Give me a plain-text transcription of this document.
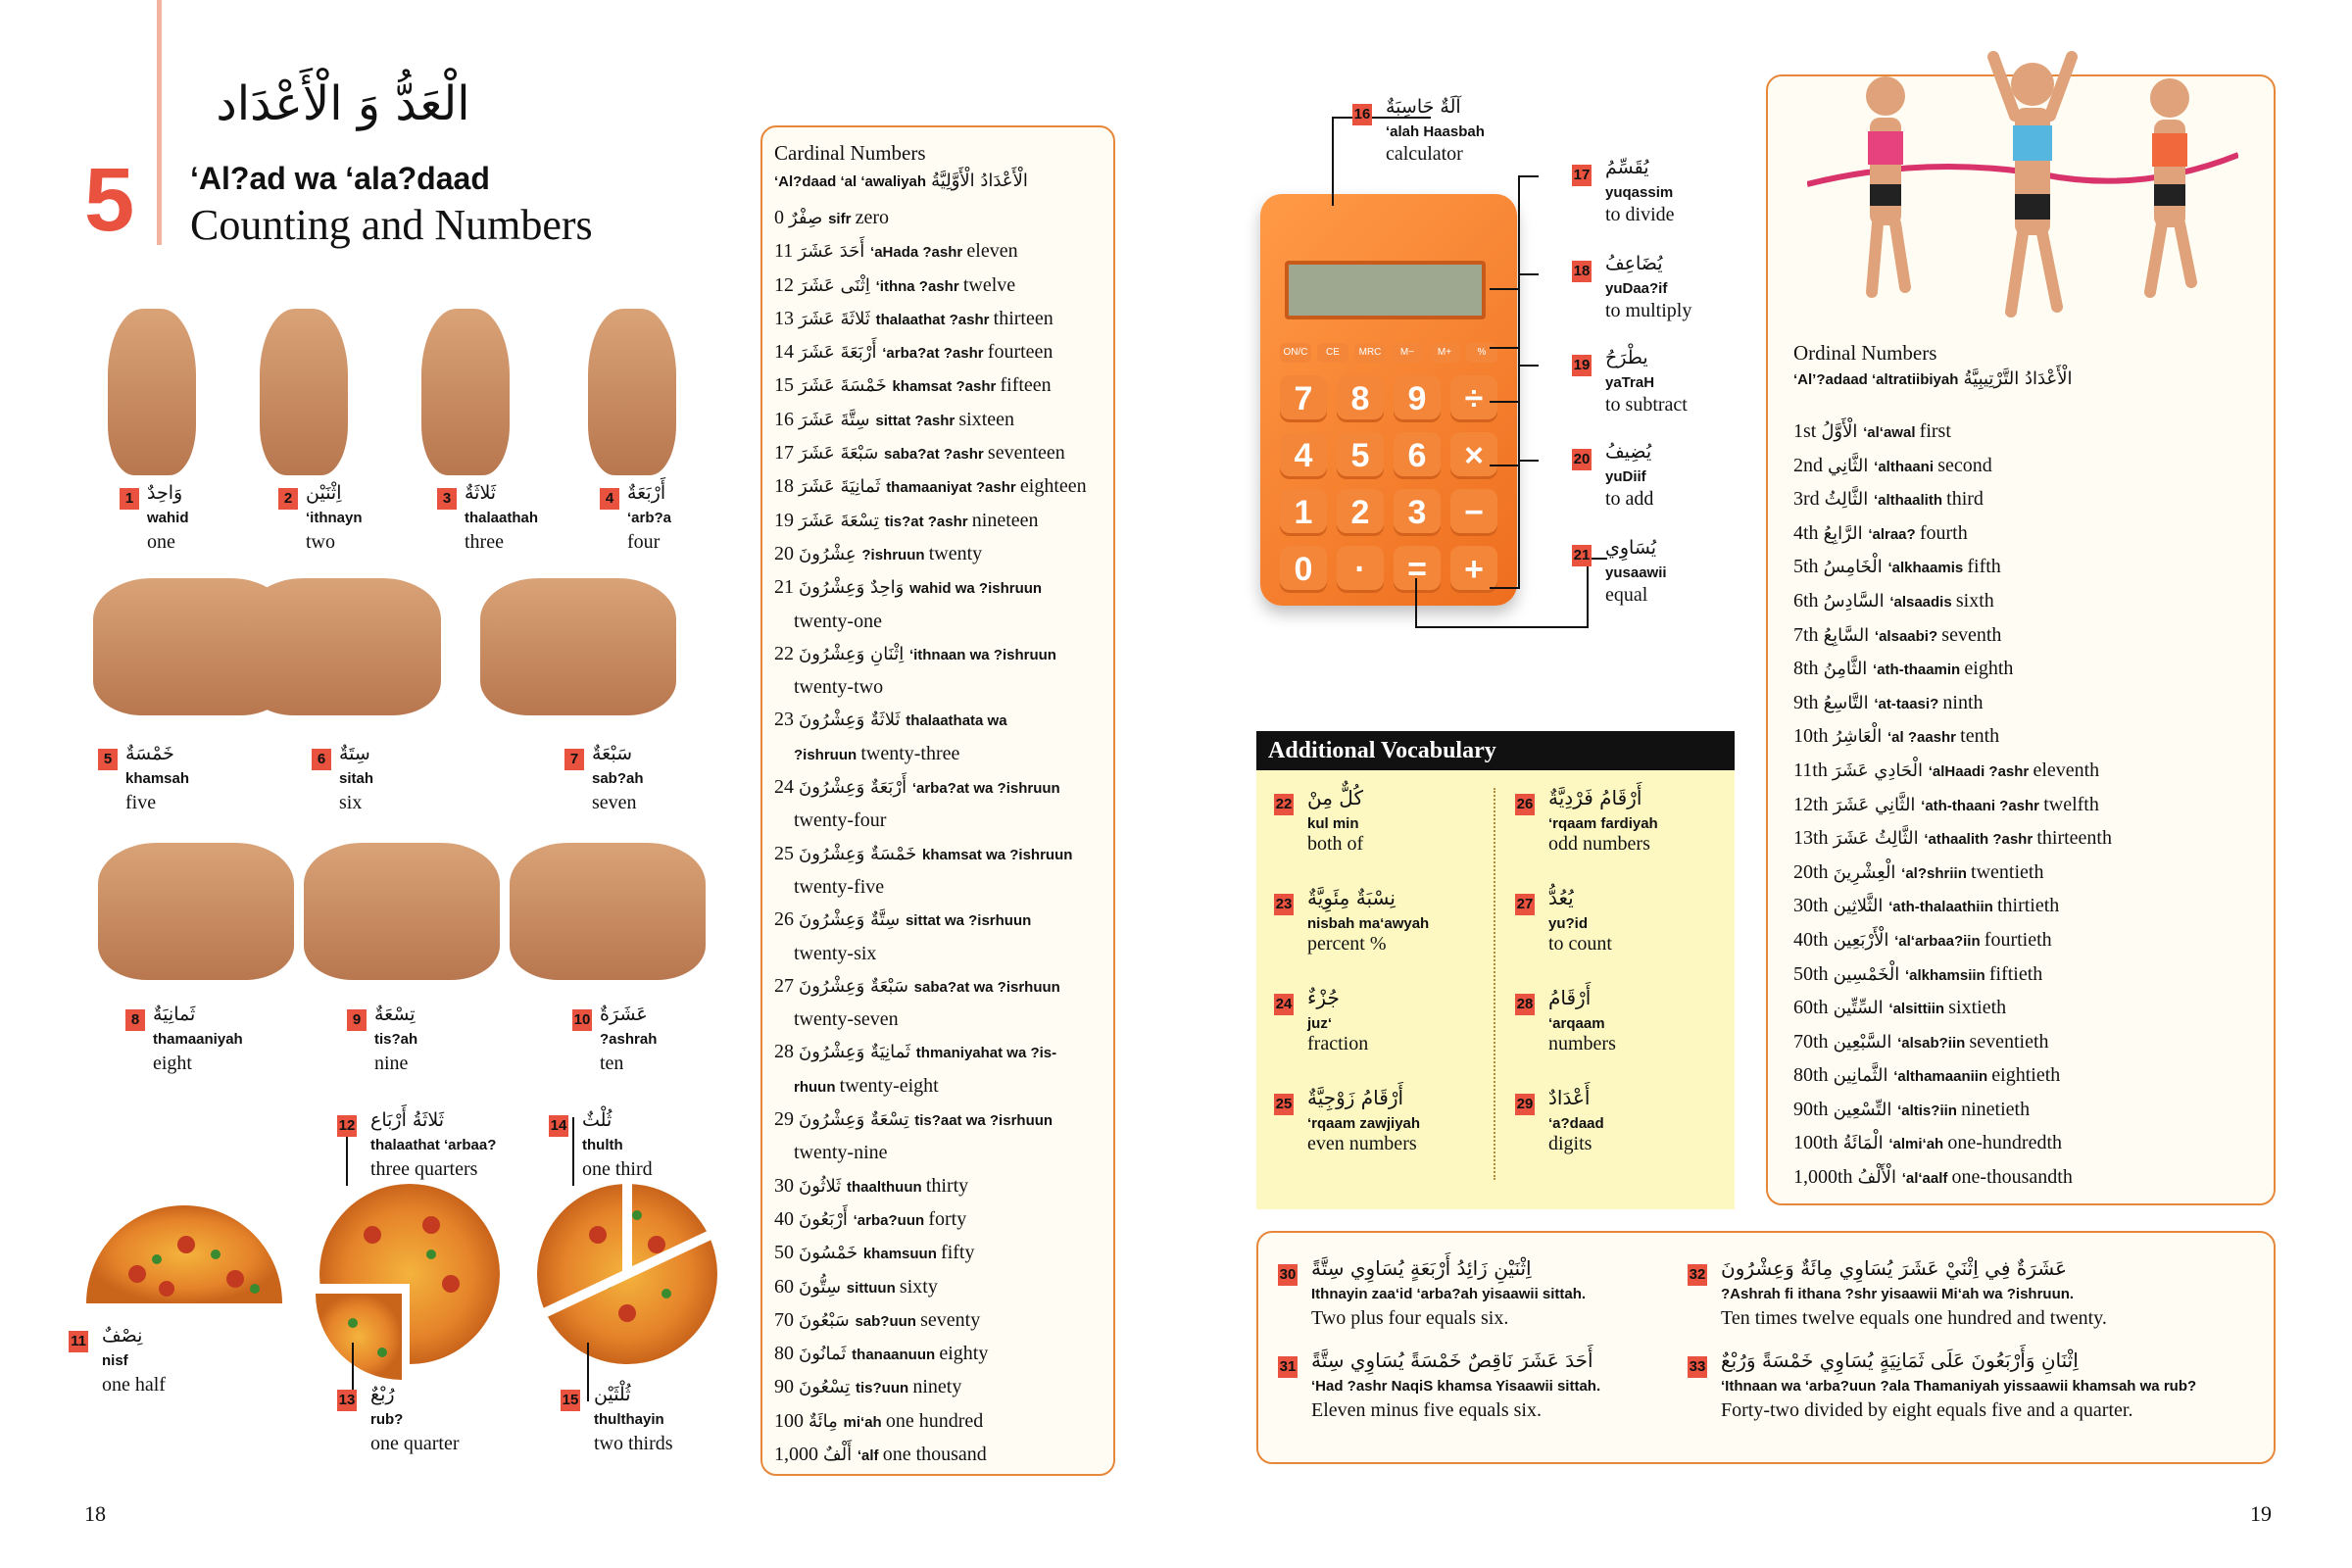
5
الْعَدُّ وَ الْأَعْدَاد
‘Al?ad wa ‘ala?daad
Counting and Numbers
1 وَاحِدٌ
wahid
one
2 اِثْنَيْن
‘ithnayn
two
3 ثَلاثَةٌ
thalaathah
three
4 أَرْبَعَةٌ
‘arb?a
four
5 خَمْسَةٌ
khamsah
five
6 سِتَةٌ
sitah
six
7 سَبْعَةٌ
sab?ah
seven
8 ثَمانِيَةٌ
thamaaniyah
eight
9 تِسْعَةٌ
tis?ah
nine
10 عَشَرَةٌ
?ashrah
ten
11 نِصْفٌ
nisf
one half
12 ثَلاثَةُ أَرْبَاع
thalaathat ‘arbaa?
three quarters
13 رُبْعٌ
rub?
one quarter
14 ثُلْثٌ
thulth
one third
15 ثُلْثَيْن
thulthayin
two thirds
18
Cardinal Numbers
‘Al?daad ‘al ‘awaliyah الْأَعْدَادُ الْأَوَّلِيَّةُ
0 صِفْرٌ sifr zero
11 أَحَدَ عَشَرَ ‘aHada ?ashr eleven
12 اِثْنَى عَشَرَ ‘ithna ?ashr twelve
13 ثَلاثَةَ عَشَرَ thalaathat ?ashr thirteen
14 أَرْبَعَةَ عَشَرَ ‘arba?at ?ashr fourteen
15 خَمْسَةَ عَشَرَ khamsat ?ashr fifteen
16 سِتَّةَ عَشَرَ sittat ?ashr sixteen
17 سَبْعَةَ عَشَرَ saba?at ?ashr seventeen
18 ثَمانِيَةَ عَشَرَ thamaaniyat ?ashr eighteen
19 تِسْعَةَ عَشَرَ tis?at ?ashr nineteen
20 عِشْرُونَ ?ishruun twenty
21 وَاحِدٌ وَعِشْرُونَ wahid wa ?ishruun
twenty-one
22 اِثْنَانِ وَعِشْرُونَ ‘ithnaan wa ?ishruun
twenty-two
23 ثَلاثَةٌ وَعِشْرُونَ thalaathata wa
?ishruun twenty-three
24 أَرْبَعَةٌ وَعِشْرُونَ ‘arba?at wa ?ishruun
twenty-four
25 خَمْسَةٌ وَعِشْرُونَ khamsat wa ?ishruun
twenty-five
26 سِتَّةٌ وَعِشْرُونَ sittat wa ?isrhuun
twenty-six
27 سَبْعَةٌ وَعِشْرُونَ saba?at wa ?isrhuun
twenty-seven
28 ثَمانِيَةٌ وَعِشْرُونَ thmaniyahat wa ?is-
rhuun twenty-eight
29 تِسْعَةٌ وَعِشْرُونَ tis?aat wa ?isrhuun
twenty-nine
30 ثَلاثُونَ thaalthuun thirty
40 أَرْبَعُونَ ‘arba?uun forty
50 خَمْسُونَ khamsuun fifty
60 سِتُّونَ sittuun sixty
70 سَبْعُونَ sab?uun seventy
80 ثَمانُونَ thanaanuun eighty
90 تِسْعُونَ tis?uun ninety
100 مِائَةٌ mi‘ah one hundred
1,000 أَلْفٌ ‘alf one thousand
ON/C	CE	MRC	M−	M+	%
7	8	9	÷
4	5	6	×
1	2	3	−
0	·	=	+
16 آلَةٌ حَاسِبَةٌ
‘alah Haasbah
calculator
17 يُقَسِّمُ
yuqassim
to divide
18 يُضَاعِفُ
yuDaa?if
to multiply
19 يطْرَحُ
yaTraH
to subtract
20 يُضِيفُ
yuDiif
to add
21 يُسَاوِي
yusaawii
equal
Additional Vocabulary
22 كُلٌّ مِنْ
kul min
both of
23 نِسْبَةٌ مِئَوِيَّةٌ
nisbah ma‘awyah
percent %
24 جُزْءٌ
juz‘
fraction
25 أَرْقَامُ زَوْجِيَّةٌ
‘rqaam zawjiyah
even numbers
26 أَرْقَامُ فَرْدِيَّةٌ
‘rqaam fardiyah
odd numbers
27 يُعُدُّ
yu?id
to count
28 أَرْقَامُ
‘arqaam
numbers
29 أَعْدَادٌ
‘a?daad
digits
Ordinal Numbers
‘Al’?adaad ‘altratiibiyah الْأَعْدَادُ التَّرْتِيبِيَّةُ
1st الْأَوَّلُ ‘al‘awal first
2nd الثَّانِي ‘althaani second
3rd الثَّالِثُ ‘althaalith third
4th الرَّابِعُ ‘alraa? fourth
5th الْخَامِسُ ‘alkhaamis fifth
6th السَّادِسُ ‘alsaadis sixth
7th السَّابِعُ ‘alsaabi? seventh
8th الثَّامِنُ ‘ath-thaamin eighth
9th التَّاسِعُ ‘at-taasi? ninth
10th الْعَاشِرُ ‘al ?aashr tenth
11th الْحَادِي عَشَرَ ‘alHaadi ?ashr eleventh
12th الثَّانِي عَشَرَ ‘ath-thaani ?ashr twelfth
13th الثَّالِثُ عَشَرَ ‘athaalith ?ashr thirteenth
20th الْعِشْرِينَ ‘al?shriin twentieth
30th الثَّلاثِين ‘ath-thalaathiin thirtieth
40th الْأَرْبَعِين ‘al‘arbaa?iin fourtieth
50th الْخَمْسِين ‘alkhamsiin fiftieth
60th السِّتِّين ‘alsittiin sixtieth
70th السَّبْعِين ‘alsab?iin seventieth
80th الثَّمانِين ‘althamaaniin eightieth
90th التِّسْعِين ‘altis?iin ninetieth
100th الْمَائَةُ ‘almi‘ah one-hundredth
1,000th الْأَلْفُ ‘al‘aalf one-thousandth
30 اِثْنَيْنِ زَائِدُ أَرْبَعَةٍ يُسَاوِي سِتَّةً
Ithnayin zaa‘id ‘arba?ah yisaawii sittah.
Two plus four equals six.
31 أَحَدَ عَشَرَ نَاقِصٌ خَمْسَةً يُسَاوِي سِتَّةً
‘Had ?ashr NaqiS khamsa Yisaawii sittah.
Eleven minus five equals six.
32 عَشَرَةٌ فِي اِثْنَيْ عَشَرَ يُسَاوِي مِائَةٌ وَعِشْرُونَ
?Ashrah fi ithana ?shr yisaawii Mi‘ah wa ?ishruun.
Ten times twelve equals one hundred and twenty.
33 اِثْنَانِ وَأَرْبَعُونَ عَلَى ثَمَانِيَةٍ يُسَاوِي خَمْسَةً وَرُبْعٌ
‘Ithnaan wa ‘arba?uun ?ala Thamaniyah yissaawii khamsah wa rub?
Forty-two divided by eight equals five and a quarter.
19
